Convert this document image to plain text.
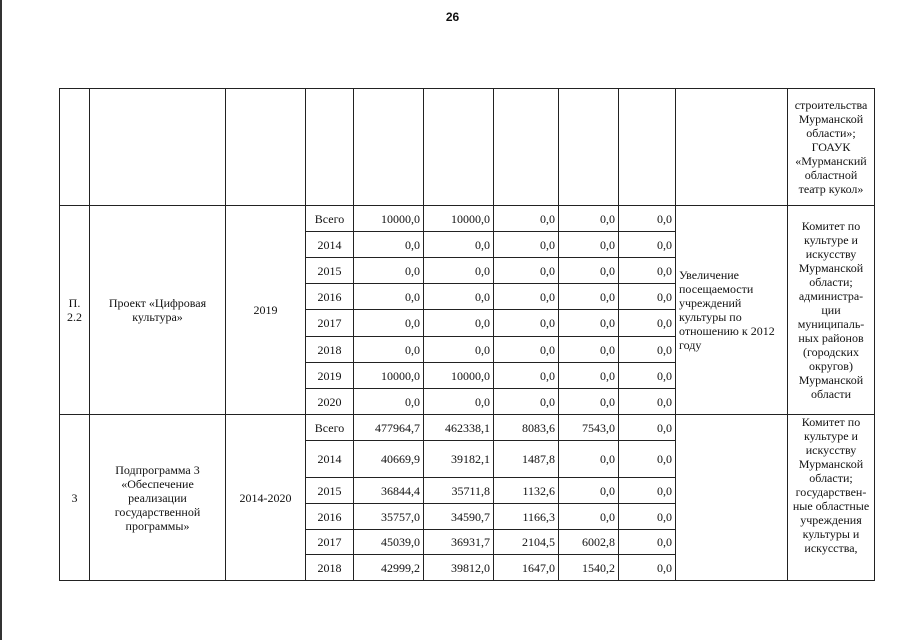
26
										строительства Мурманской области»; ГОАУК «Мурманский областной театр кукол»
П. 2.2	Проект «Цифровая культура»	2019	Всего	10000,0	10000,0	0,0	0,0	0,0	Увеличение посещаемости учреждений культуры по отношению к 2012 году	Комитет по культуре и искусству Мурманской области; администра-ции муниципаль-ных районов (городских округов) Мурманской области
			2014	0,0	0,0	0,0	0,0	0,0		
			2015	0,0	0,0	0,0	0,0	0,0		
			2016	0,0	0,0	0,0	0,0	0,0		
			2017	0,0	0,0	0,0	0,0	0,0		
			2018	0,0	0,0	0,0	0,0	0,0		
			2019	10000,0	10000,0	0,0	0,0	0,0		
			2020	0,0	0,0	0,0	0,0	0,0		
3	Подпрограмма 3 «Обеспечение реализации государственной программы»	2014-2020	Всего	477964,7	462338,1	8083,6	7543,0	0,0		Комитет по культуре и искусству Мурманской области; государствен-ные областные учреждения культуры и искусства,
			2014	40669,9	39182,1	1487,8	0,0	0,0		
			2015	36844,4	35711,8	1132,6	0,0	0,0		
			2016	35757,0	34590,7	1166,3	0,0	0,0		
			2017	45039,0	36931,7	2104,5	6002,8	0,0		
			2018	42999,2	39812,0	1647,0	1540,2	0,0		
